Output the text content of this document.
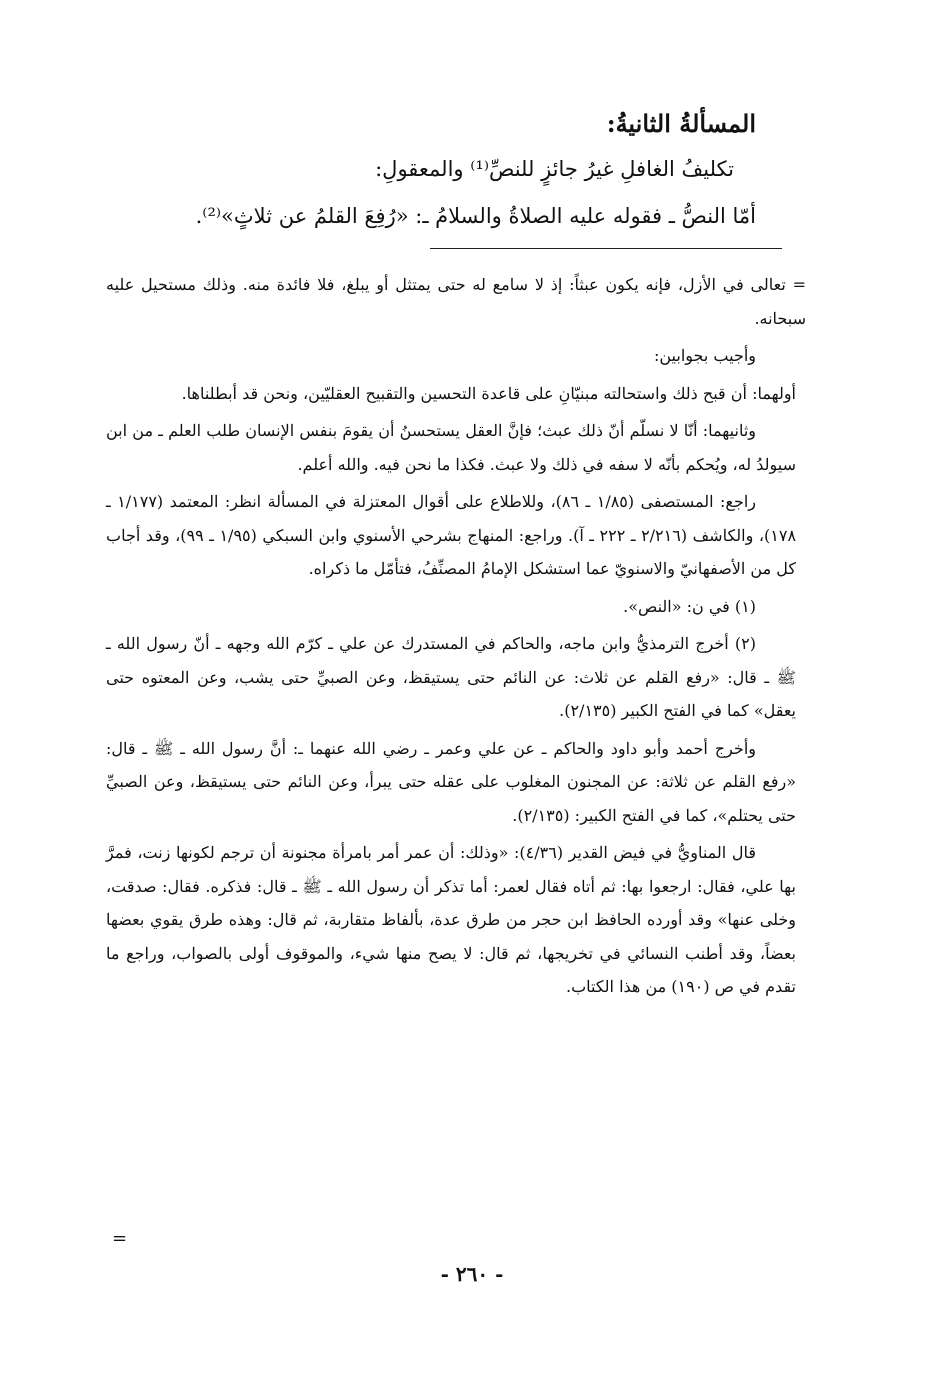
المسألةُ الثانيةُ:
تكليفُ الغافلِ غيرُ جائزٍ للنصِّ⁽¹⁾ والمعقولِ:
أمّا النصُّ ـ فقوله عليه الصلاةُ والسلامُ ـ: «رُفِعَ القلمُ عن ثلاثٍ»⁽²⁾.

= تعالى في الأزل، فإنه يكون عبثاً: إذ لا سامع له حتى يمتثل أو يبلغ، فلا فائدة منه. وذلك مستحيل عليه سبحانه.

وأجيب بجوابين:

أولهما: أن قبح ذلك واستحالته مبنيّانِ على قاعدة التحسين والتقبيح العقليّين، ونحن قد أبطلناها.

وثانيهما: أنّا لا نسلّم أنّ ذلك عبث؛ فإنَّ العقل يستحسنُ أن يقومَ بنفس الإنسان طلب العلم ـ من ابن سيولدُ له، ويُحكم بأنّه لا سفه في ذلك ولا عبث. فكذا ما نحن فيه. والله أعلم.

راجع: المستصفى (١/٨٥ ـ ٨٦)، وللاطلاع على أقوال المعتزلة في المسألة انظر: المعتمد (١/١٧٧ ـ ١٧٨)، والكاشف (٢/٢١٦ ـ ٢٢٢ ـ آ). وراجع: المنهاج بشرحي الأسنوي وابن السبكي (١/٩٥ ـ ٩٩)، وقد أجاب كل من الأصفهانيّ والاسنويّ عما استشكل الإمامُ المصنِّفُ، فتأمّل ما ذكراه.

(١) في ن: «النص».

(٢) أخرج الترمذيُّ وابن ماجه، والحاكم في المستدرك عن علي ـ كرّم الله وجهه ـ أنّ رسول الله ـ ﷺ ـ قال: «رفع القلم عن ثلاث: عن النائم حتى يستيقظ، وعن الصبيِّ حتى يشب، وعن المعتوه حتى يعقل» كما في الفتح الكبير (٢/١٣٥).

وأخرج أحمد وأبو داود والحاكم ـ عن علي وعمر ـ رضي الله عنهما ـ: أنَّ رسول الله ـ ﷺ ـ قال: «رفع القلم عن ثلاثة: عن المجنون المغلوب على عقله حتى يبرأ، وعن النائم حتى يستيقظ، وعن الصبيِّ حتى يحتلم»، كما في الفتح الكبير: (٢/١٣٥).

قال المناويُّ في فيض القدير (٤/٣٦): «وذلك: أن عمر أمر بامرأة مجنونة أن ترجم لكونها زنت، فمرَّ بها علي، فقال: ارجعوا بها: ثم أتاه فقال لعمر: أما تذكر أن رسول الله ـ ﷺ ـ قال: فذكره. فقال: صدقت، وخلى عنها» وقد أورده الحافظ ابن حجر من طرق عدة، بألفاظ متقاربة، ثم قال: وهذه طرق يقوي بعضها بعضاً، وقد أطنب النسائي في تخريجها، ثم قال: لا يصح منها شيء، والموقوف أولى بالصواب، وراجع ما تقدم في ص (١٩٠) من هذا الكتاب.

=
- ٢٦٠ -
